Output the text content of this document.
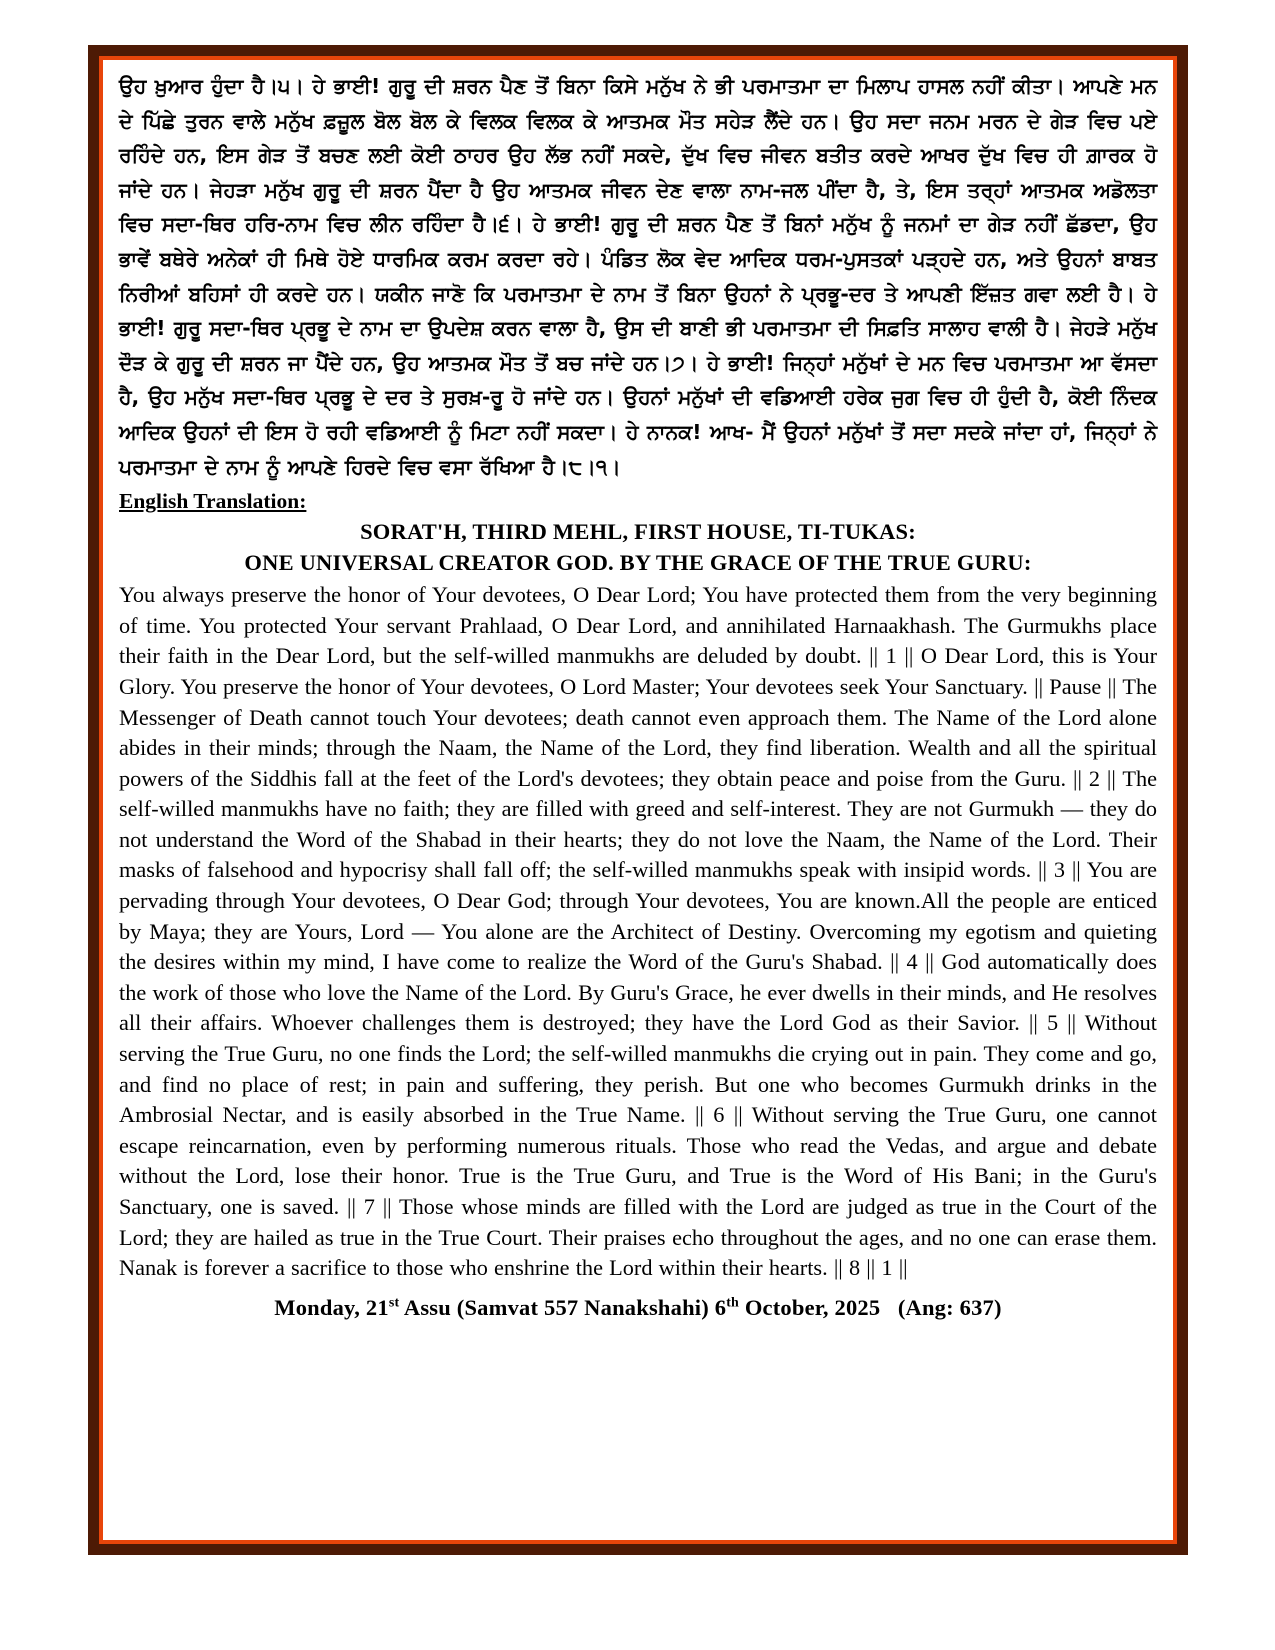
ਉਹ ਖ਼ੁਆਰ ਹੁੰਦਾ ਹੈ।੫। ਹੇ ਭਾਈ! ਗੁਰੂ ਦੀ ਸ਼ਰਨ ਪੈਣ ਤੋਂ ਬਿਨਾ ਕਿਸੇ ਮਨੁੱਖ ਨੇ ਭੀ ਪਰਮਾਤਮਾ ਦਾ ਮਿਲਾਪ ਹਾਸਲ ਨਹੀਂ ਕੀਤਾ। ਆਪਣੇ ਮਨ ਦੇ ਪਿੱਛੇ ਤੁਰਨ ਵਾਲੇ ਮਨੁੱਖ ਫ਼ਜ਼ੂਲ ਬੋਲ ਬੋਲ ਕੇ ਵਿਲਕ ਵਿਲਕ ਕੇ ਆਤਮਕ ਮੌਤ ਸਹੇੜ ਲੈਂਦੇ ਹਨ। ਉਹ ਸਦਾ ਜਨਮ ਮਰਨ ਦੇ ਗੇੜ ਵਿਚ ਪਏ ਰਹਿੰਦੇ ਹਨ, ਇਸ ਗੇੜ ਤੋਂ ਬਚਣ ਲਈ ਕੋਈ ਠਾਹਰ ਉਹ ਲੱਭ ਨਹੀਂ ਸਕਦੇ, ਦੁੱਖ ਵਿਚ ਜੀਵਨ ਬਤੀਤ ਕਰਦੇ ਆਖਰ ਦੁੱਖ ਵਿਚ ਹੀ ਗ਼ਾਰਕ ਹੋ ਜਾਂਦੇ ਹਨ। ਜੇਹੜਾ ਮਨੁੱਖ ਗੁਰੂ ਦੀ ਸ਼ਰਨ ਪੈਂਦਾ ਹੈ ਉਹ ਆਤਮਕ ਜੀਵਨ ਦੇਣ ਵਾਲਾ ਨਾਮ-ਜਲ ਪੀਂਦਾ ਹੈ, ਤੇ, ਇਸ ਤਰ੍ਹਾਂ ਆਤਮਕ ਅਡੋਲਤਾ ਵਿਚ ਸਦਾ-ਥਿਰ ਹਰਿ-ਨਾਮ ਵਿਚ ਲੀਨ ਰਹਿੰਦਾ ਹੈ।੬। ਹੇ ਭਾਈ! ਗੁਰੂ ਦੀ ਸ਼ਰਨ ਪੈਣ ਤੋਂ ਬਿਨਾਂ ਮਨੁੱਖ ਨੂੰ ਜਨਮਾਂ ਦਾ ਗੇੜ ਨਹੀਂ ਛੱਡਦਾ, ਉਹ ਭਾਵੇਂ ਬਥੇਰੇ ਅਨੇਕਾਂ ਹੀ ਮਿਥੇ ਹੋਏ ਧਾਰਮਿਕ ਕਰਮ ਕਰਦਾ ਰਹੇ। ਪੰਡਿਤ ਲੋਕ ਵੇਦ ਆਦਿਕ ਧਰਮ-ਪੁਸਤਕਾਂ ਪੜ੍ਹਦੇ ਹਨ, ਅਤੇ ਉਹਨਾਂ ਬਾਬਤ ਨਿਰੀਆਂ ਬਹਿਸਾਂ ਹੀ ਕਰਦੇ ਹਨ। ਯਕੀਨ ਜਾਣੋ ਕਿ ਪਰਮਾਤਮਾ ਦੇ ਨਾਮ ਤੋਂ ਬਿਨਾ ਉਹਨਾਂ ਨੇ ਪ੍ਰਭੂ-ਦਰ ਤੇ ਆਪਣੀ ਇੱਜ਼ਤ ਗਵਾ ਲਈ ਹੈ। ਹੇ ਭਾਈ! ਗੁਰੂ ਸਦਾ-ਥਿਰ ਪ੍ਰਭੂ ਦੇ ਨਾਮ ਦਾ ਉਪਦੇਸ਼ ਕਰਨ ਵਾਲਾ ਹੈ, ਉਸ ਦੀ ਬਾਣੀ ਭੀ ਪਰਮਾਤਮਾ ਦੀ ਸਿਫ਼ਤਿ ਸਾਲਾਹ ਵਾਲੀ ਹੈ। ਜੇਹੜੇ ਮਨੁੱਖ ਦੌੜ ਕੇ ਗੁਰੂ ਦੀ ਸ਼ਰਨ ਜਾ ਪੈਂਦੇ ਹਨ, ਉਹ ਆਤਮਕ ਮੌਤ ਤੋਂ ਬਚ ਜਾਂਦੇ ਹਨ।੭। ਹੇ ਭਾਈ! ਜਿਨ੍ਹਾਂ ਮਨੁੱਖਾਂ ਦੇ ਮਨ ਵਿਚ ਪਰਮਾਤਮਾ ਆ ਵੱਸਦਾ ਹੈ, ਉਹ ਮਨੁੱਖ ਸਦਾ-ਥਿਰ ਪ੍ਰਭੂ ਦੇ ਦਰ ਤੇ ਸੁਰਖ਼-ਰੂ ਹੋ ਜਾਂਦੇ ਹਨ। ਉਹਨਾਂ ਮਨੁੱਖਾਂ ਦੀ ਵਡਿਆਈ ਹਰੇਕ ਜੁਗ ਵਿਚ ਹੀ ਹੁੰਦੀ ਹੈ, ਕੋਈ ਨਿੰਦਕ ਆਦਿਕ ਉਹਨਾਂ ਦੀ ਇਸ ਹੋ ਰਹੀ ਵਡਿਆਈ ਨੂੰ ਮਿਟਾ ਨਹੀਂ ਸਕਦਾ। ਹੇ ਨਾਨਕ! ਆਖ- ਮੈਂ ਉਹਨਾਂ ਮਨੁੱਖਾਂ ਤੋਂ ਸਦਾ ਸਦਕੇ ਜਾਂਦਾ ਹਾਂ, ਜਿਨ੍ਹਾਂ ਨੇ ਪਰਮਾਤਮਾ ਦੇ ਨਾਮ ਨੂੰ ਆਪਣੇ ਹਿਰਦੇ ਵਿਚ ਵਸਾ ਰੱਖਿਆ ਹੈ।੮।੧।
English Translation:
SORAT'H, THIRD MEHL, FIRST HOUSE, TI-TUKAS:
ONE UNIVERSAL CREATOR GOD. BY THE GRACE OF THE TRUE GURU:
You always preserve the honor of Your devotees, O Dear Lord; You have protected them from the very beginning of time. You protected Your servant Prahlaad, O Dear Lord, and annihilated Harnaakhash. The Gurmukhs place their faith in the Dear Lord, but the self-willed manmukhs are deluded by doubt. || 1 || O Dear Lord, this is Your Glory. You preserve the honor of Your devotees, O Lord Master; Your devotees seek Your Sanctuary. || Pause || The Messenger of Death cannot touch Your devotees; death cannot even approach them. The Name of the Lord alone abides in their minds; through the Naam, the Name of the Lord, they find liberation. Wealth and all the spiritual powers of the Siddhis fall at the feet of the Lord's devotees; they obtain peace and poise from the Guru. || 2 || The self-willed manmukhs have no faith; they are filled with greed and self-interest. They are not Gurmukh — they do not understand the Word of the Shabad in their hearts; they do not love the Naam, the Name of the Lord. Their masks of falsehood and hypocrisy shall fall off; the self-willed manmukhs speak with insipid words. || 3 || You are pervading through Your devotees, O Dear God; through Your devotees, You are known.All the people are enticed by Maya; they are Yours, Lord — You alone are the Architect of Destiny. Overcoming my egotism and quieting the desires within my mind, I have come to realize the Word of the Guru's Shabad. || 4 || God automatically does the work of those who love the Name of the Lord. By Guru's Grace, he ever dwells in their minds, and He resolves all their affairs. Whoever challenges them is destroyed; they have the Lord God as their Savior. || 5 || Without serving the True Guru, no one finds the Lord; the self-willed manmukhs die crying out in pain. They come and go, and find no place of rest; in pain and suffering, they perish. But one who becomes Gurmukh drinks in the Ambrosial Nectar, and is easily absorbed in the True Name. || 6 || Without serving the True Guru, one cannot escape reincarnation, even by performing numerous rituals. Those who read the Vedas, and argue and debate without the Lord, lose their honor. True is the True Guru, and True is the Word of His Bani; in the Guru's Sanctuary, one is saved. || 7 || Those whose minds are filled with the Lord are judged as true in the Court of the Lord; they are hailed as true in the True Court. Their praises echo throughout the ages, and no one can erase them. Nanak is forever a sacrifice to those who enshrine the Lord within their hearts. || 8 || 1 ||
Monday, 21st Assu (Samvat 557 Nanakshahi) 6th October, 2025 (Ang: 637)
